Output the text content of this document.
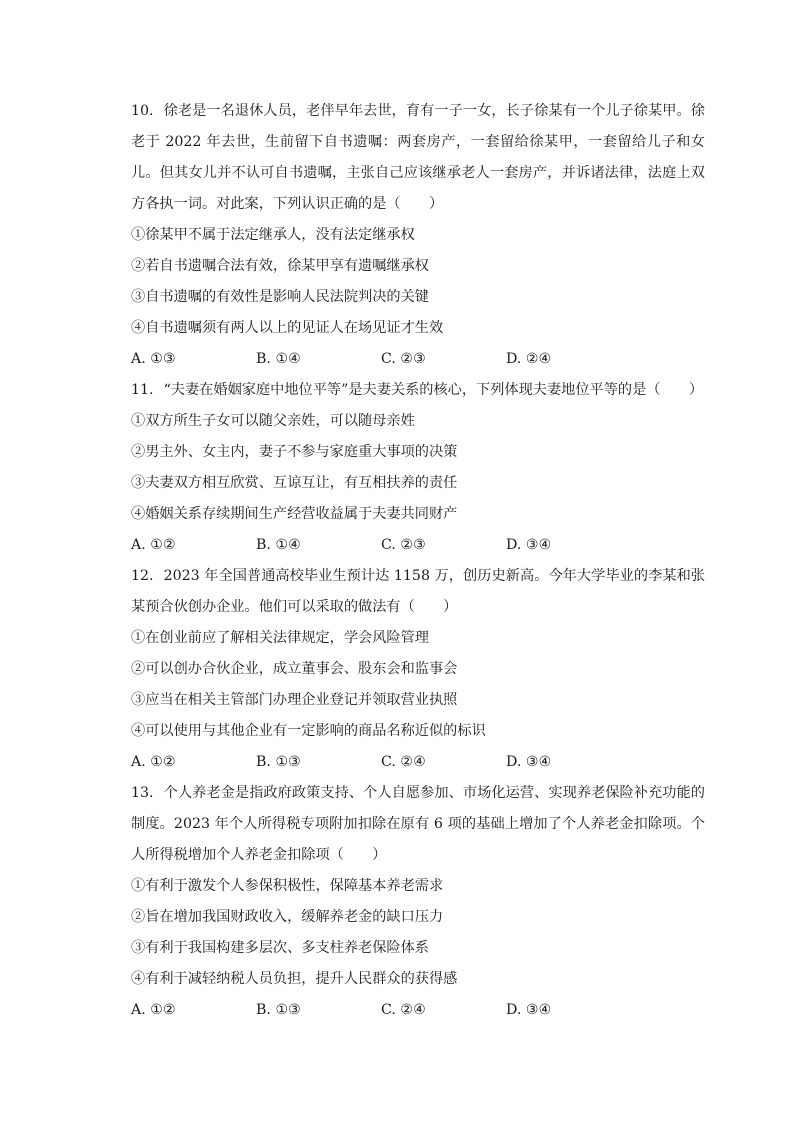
10. 徐老是一名退休人员，老伴早年去世，育有一子一女，长子徐某有一个儿子徐某甲。徐老于 2022 年去世，生前留下自书遗嘱：两套房产，一套留给徐某甲，一套留给儿子和女儿。但其女儿并不认可自书遗嘱，主张自己应该继承老人一套房产，并诉诸法律，法庭上双方各执一词。对此案，下列认识正确的是（　　）

①徐某甲不属于法定继承人，没有法定继承权

②若自书遗嘱合法有效，徐某甲享有遗嘱继承权

③自书遗嘱的有效性是影响人民法院判决的关键

④自书遗嘱须有两人以上的见证人在场见证才生效

A. ①③	B. ①④	C. ②③	D. ②④

11. “夫妻在婚姻家庭中地位平等”是夫妻关系的核心，下列体现夫妻地位平等的是（　　）

①双方所生子女可以随父亲姓，可以随母亲姓

②男主外、女主内，妻子不参与家庭重大事项的决策

③夫妻双方相互欣赏、互谅互让，有互相扶养的责任

④婚姻关系存续期间生产经营收益属于夫妻共同财产

A. ①②	B. ①④	C. ②③	D. ③④

12. 2023 年全国普通高校毕业生预计达 1158 万，创历史新高。今年大学毕业的李某和张某预合伙创办企业。他们可以采取的做法有（　　）

①在创业前应了解相关法律规定，学会风险管理

②可以创办合伙企业，成立董事会、股东会和监事会

③应当在相关主管部门办理企业登记并领取营业执照

④可以使用与其他企业有一定影响的商品名称近似的标识

A. ①②	B. ①③	C. ②④	D. ③④

13. 个人养老金是指政府政策支持、个人自愿参加、市场化运营、实现养老保险补充功能的制度。2023 年个人所得税专项附加扣除在原有 6 项的基础上增加了个人养老金扣除项。个人所得税增加个人养老金扣除项（　　）

①有利于激发个人参保积极性，保障基本养老需求

②旨在增加我国财政收入，缓解养老金的缺口压力

③有利于我国构建多层次、多支柱养老保险体系

④有利于减轻纳税人员负担，提升人民群众的获得感

A. ①②	B. ①③	C. ②④	D. ③④
